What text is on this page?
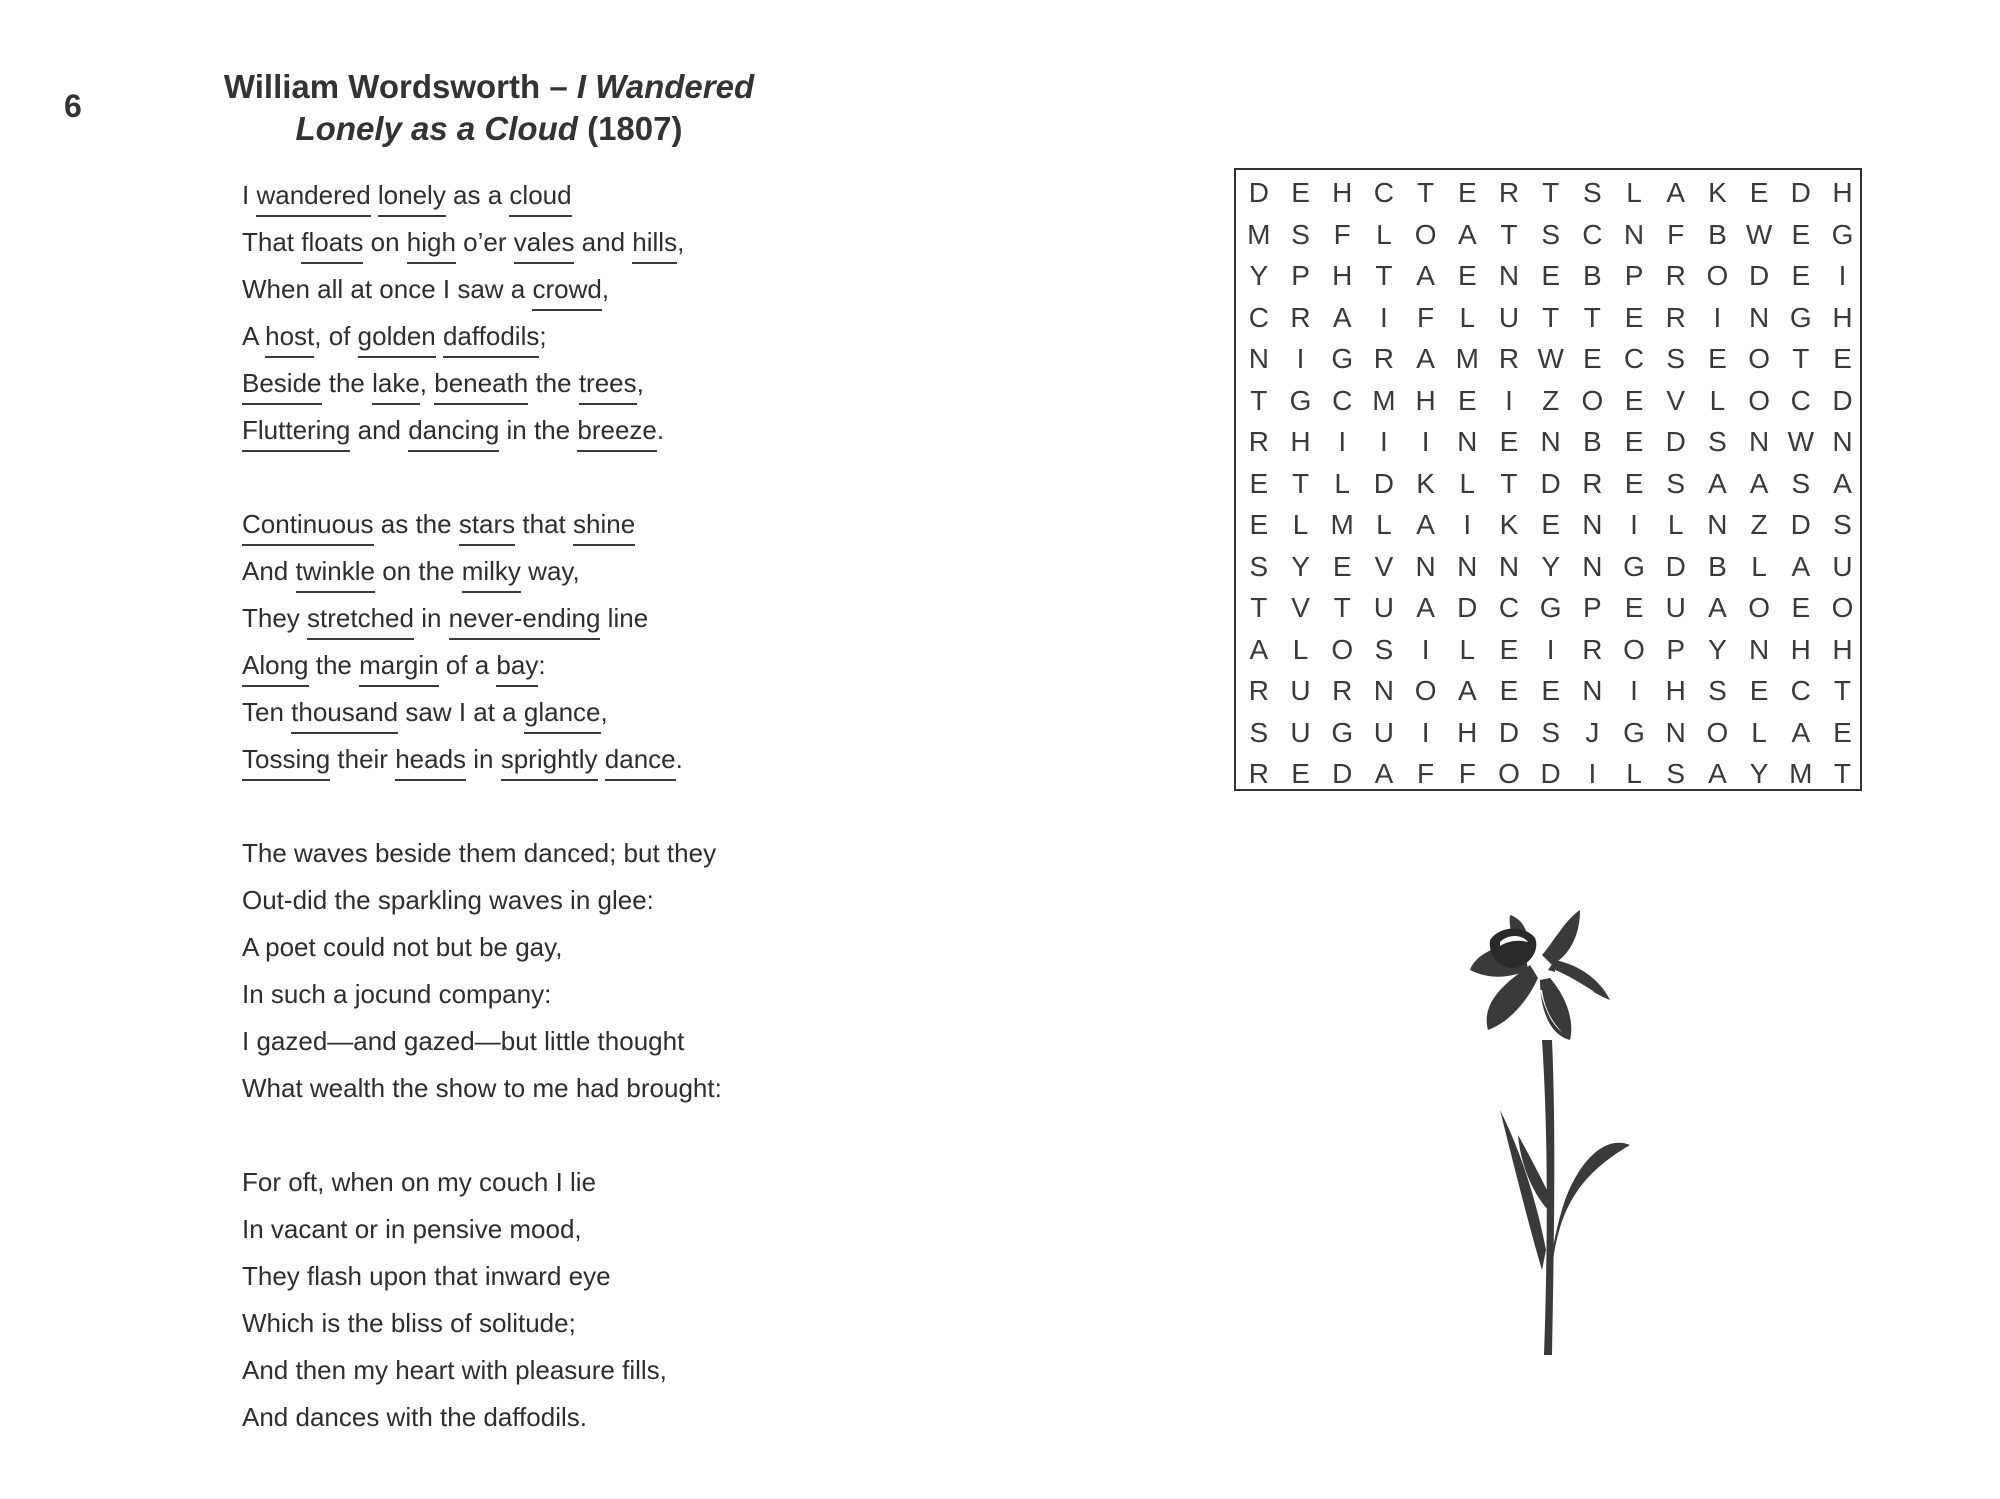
6
William Wordsworth – I Wandered
Lonely as a Cloud (1807)
I wandered lonely as a cloud
That floats on high o’er vales and hills,
When all at once I saw a crowd,
A host, of golden daffodils;
Beside the lake, beneath the trees,
Fluttering and dancing in the breeze.
Continuous as the stars that shine
And twinkle on the milky way,
They stretched in never-ending line
Along the margin of a bay:
Ten thousand saw I at a glance,
Tossing their heads in sprightly dance.
The waves beside them danced; but they
Out-did the sparkling waves in glee:
A poet could not but be gay,
In such a jocund company:
I gazed—and gazed—but little thought
What wealth the show to me had brought:
For oft, when on my couch I lie
In vacant or in pensive mood,
They flash upon that inward eye
Which is the bliss of solitude;
And then my heart with pleasure fills,
And dances with the daffodils.
D E H C T E R T S L A K E D H
M S F L O A T S C N F B W E G
Y P H T A E N E B P R O D E	I
C R A	I	F L U T T E R I N G H
N I G R A M R W E C S E O T E
T G C M H E	I	Z O E V L O C D
R H I	I	I N E N B E D S N W N
E T L D K L T D R E S A A S A
E L M L A	I	K E N I	L N Z D S
S Y E V N N N Y N G D B L A U
T V T U A D C G P E U A O E O
A L O S	I	L E	I R O P Y N H H
R U R N O A E E N I H S E C T
S U G U I H D S J G N O L A E
R E D A F F O D I	L S A Y M T
